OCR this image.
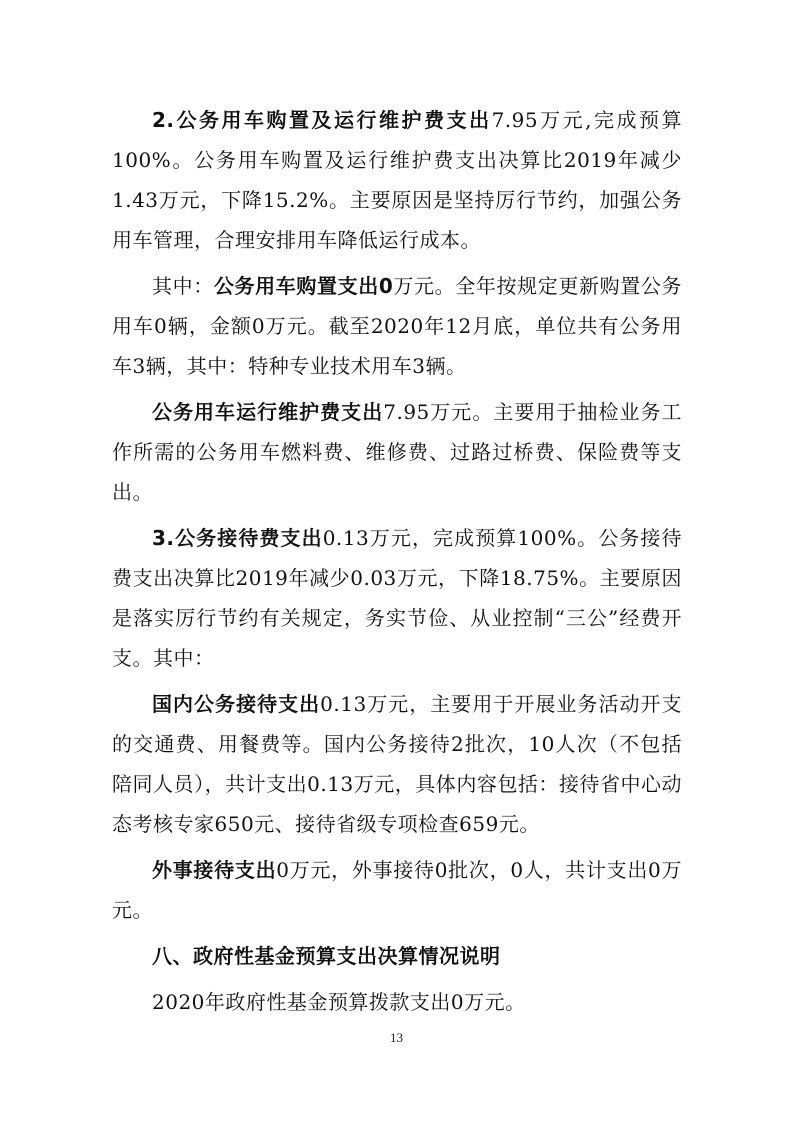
2.公务用车购置及运行维护费支出7.95万元,完成预算100%。公务用车购置及运行维护费支出决算比2019年减少1.43万元，下降15.2%。主要原因是坚持厉行节约，加强公务用车管理，合理安排用车降低运行成本。

其中：公务用车购置支出0万元。全年按规定更新购置公务用车0辆，金额0万元。截至2020年12月底，单位共有公务用车3辆，其中：特种专业技术用车3辆。

公务用车运行维护费支出7.95万元。主要用于抽检业务工作所需的公务用车燃料费、维修费、过路过桥费、保险费等支出。

3.公务接待费支出0.13万元，完成预算100%。公务接待费支出决算比2019年减少0.03万元，下降18.75%。主要原因是落实厉行节约有关规定，务实节俭、从业控制“三公”经费开支。其中：

国内公务接待支出0.13万元，主要用于开展业务活动开支的交通费、用餐费等。国内公务接待2批次，10人次（不包括陪同人员），共计支出0.13万元，具体内容包括：接待省中心动态考核专家650元、接待省级专项检查659元。

外事接待支出0万元，外事接待0批次，0人，共计支出0万元。

八、政府性基金预算支出决算情况说明

2020年政府性基金预算拨款支出0万元。

13
